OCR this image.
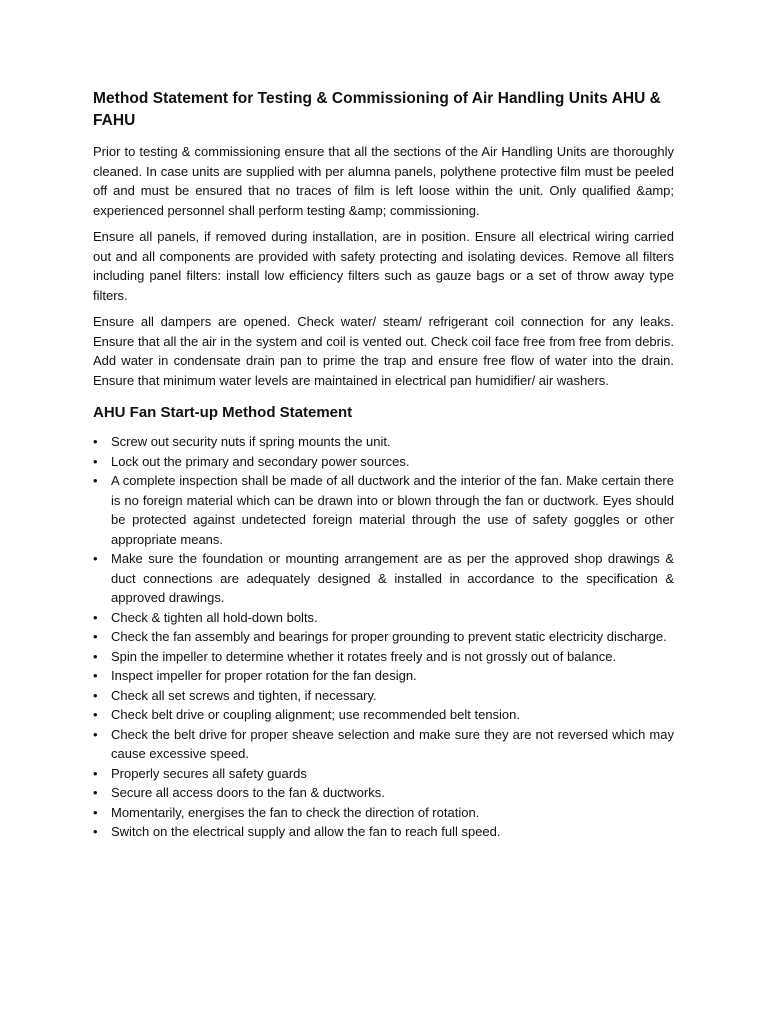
Method Statement for Testing & Commissioning of Air Handling Units AHU & FAHU

Prior to testing & commissioning ensure that all the sections of the Air Handling Units are thoroughly cleaned. In case units are supplied with per alumna panels, polythene protective film must be peeled off and must be ensured that no traces of film is left loose within the unit. Only qualified &amp; experienced personnel shall perform testing &amp; commissioning.

Ensure all panels, if removed during installation, are in position. Ensure all electrical wiring carried out and all components are provided with safety protecting and isolating devices. Remove all filters including panel filters: install low efficiency filters such as gauze bags or a set of throw away type filters.

Ensure all dampers are opened. Check water/ steam/ refrigerant coil connection for any leaks. Ensure that all the air in the system and coil is vented out. Check coil face free from free from debris. Add water in condensate drain pan to prime the trap and ensure free flow of water into the drain. Ensure that minimum water levels are maintained in electrical pan humidifier/ air washers.

AHU Fan Start-up Method Statement
•	Screw out security nuts if spring mounts the unit.
•	Lock out the primary and secondary power sources.
•	A complete inspection shall be made of all ductwork and the interior of the fan. Make certain there is no foreign material which can be drawn into or blown through the fan or ductwork. Eyes should be protected against undetected foreign material through the use of safety goggles or other appropriate means.
•	Make sure the foundation or mounting arrangement are as per the approved shop drawings & duct connections are adequately designed & installed in accordance to the specification & approved drawings.
•	Check & tighten all hold-down bolts.
•	Check the fan assembly and bearings for proper grounding to prevent static electricity discharge.
•	Spin the impeller to determine whether it rotates freely and is not grossly out of balance.
•	Inspect impeller for proper rotation for the fan design.
•	Check all set screws and tighten, if necessary.
•	Check belt drive or coupling alignment; use recommended belt tension.
•	Check the belt drive for proper sheave selection and make sure they are not reversed which may cause excessive speed.
•	Properly secures all safety guards
•	Secure all access doors to the fan & ductworks.
•	Momentarily, energises the fan to check the direction of rotation.
•	Switch on the electrical supply and allow the fan to reach full speed.
